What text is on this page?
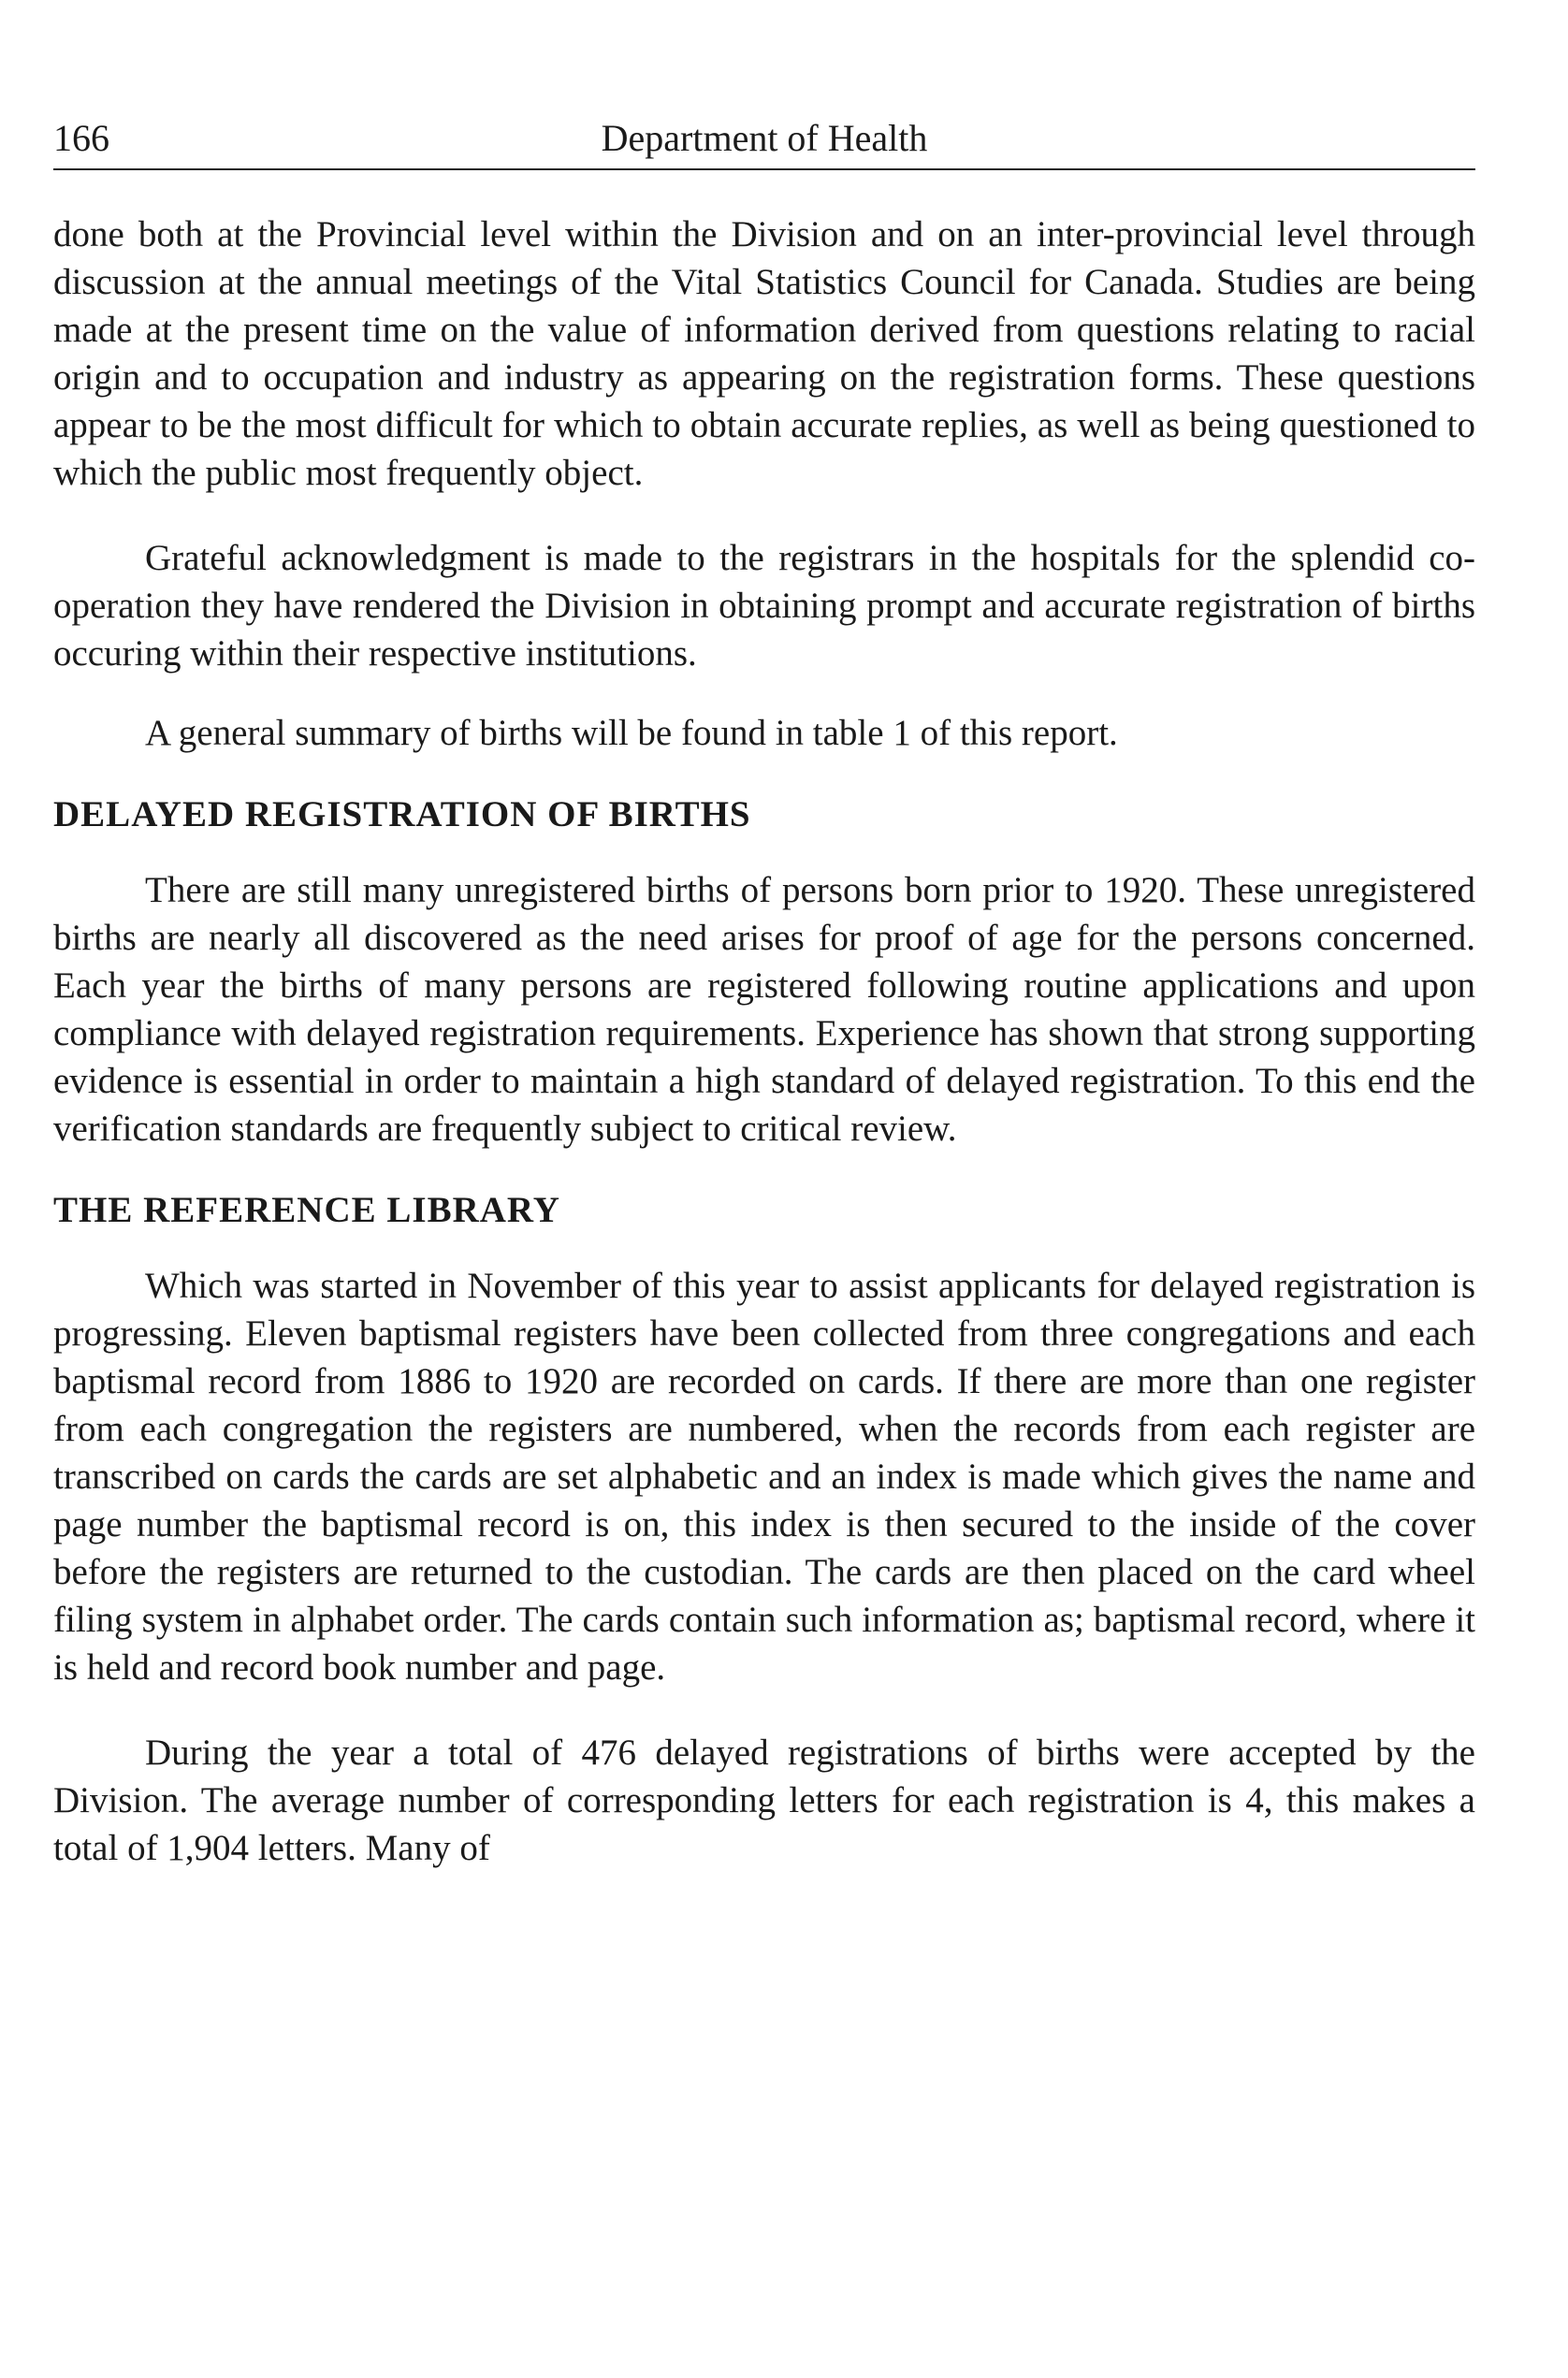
166	Department of Health

done both at the Provincial level within the Division and on an inter-provincial level through discussion at the annual meetings of the Vital Statistics Council for Canada. Studies are being made at the present time on the value of information derived from questions relating to racial origin and to occupation and industry as appearing on the registration forms. These questions appear to be the most difficult for which to obtain accurate replies, as well as being questioned to which the public most frequently object.

Grateful acknowledgment is made to the registrars in the hospitals for the splendid co-operation they have rendered the Division in obtaining prompt and accurate registration of births occuring within their respective institutions.

A general summary of births will be found in table 1 of this report.

DELAYED REGISTRATION OF BIRTHS

There are still many unregistered births of persons born prior to 1920. These unregistered births are nearly all discovered as the need arises for proof of age for the persons concerned. Each year the births of many persons are registered following routine applications and upon compliance with delayed registration requirements. Experience has shown that strong supporting evidence is essential in order to maintain a high standard of delayed registration. To this end the verification standards are frequently subject to critical review.

THE REFERENCE LIBRARY

Which was started in November of this year to assist applicants for delayed registration is progressing. Eleven baptismal registers have been collected from three congregations and each baptismal record from 1886 to 1920 are recorded on cards. If there are more than one register from each congregation the registers are numbered, when the records from each register are transcribed on cards the cards are set alphabetic and an index is made which gives the name and page number the baptismal record is on, this index is then secured to the inside of the cover before the registers are returned to the custodian. The cards are then placed on the card wheel filing system in alphabet order. The cards contain such information as; baptismal record, where it is held and record book number and page.

During the year a total of 476 delayed registrations of births were accepted by the Division. The average number of corresponding letters for each registration is 4, this makes a total of 1,904 letters. Many of
